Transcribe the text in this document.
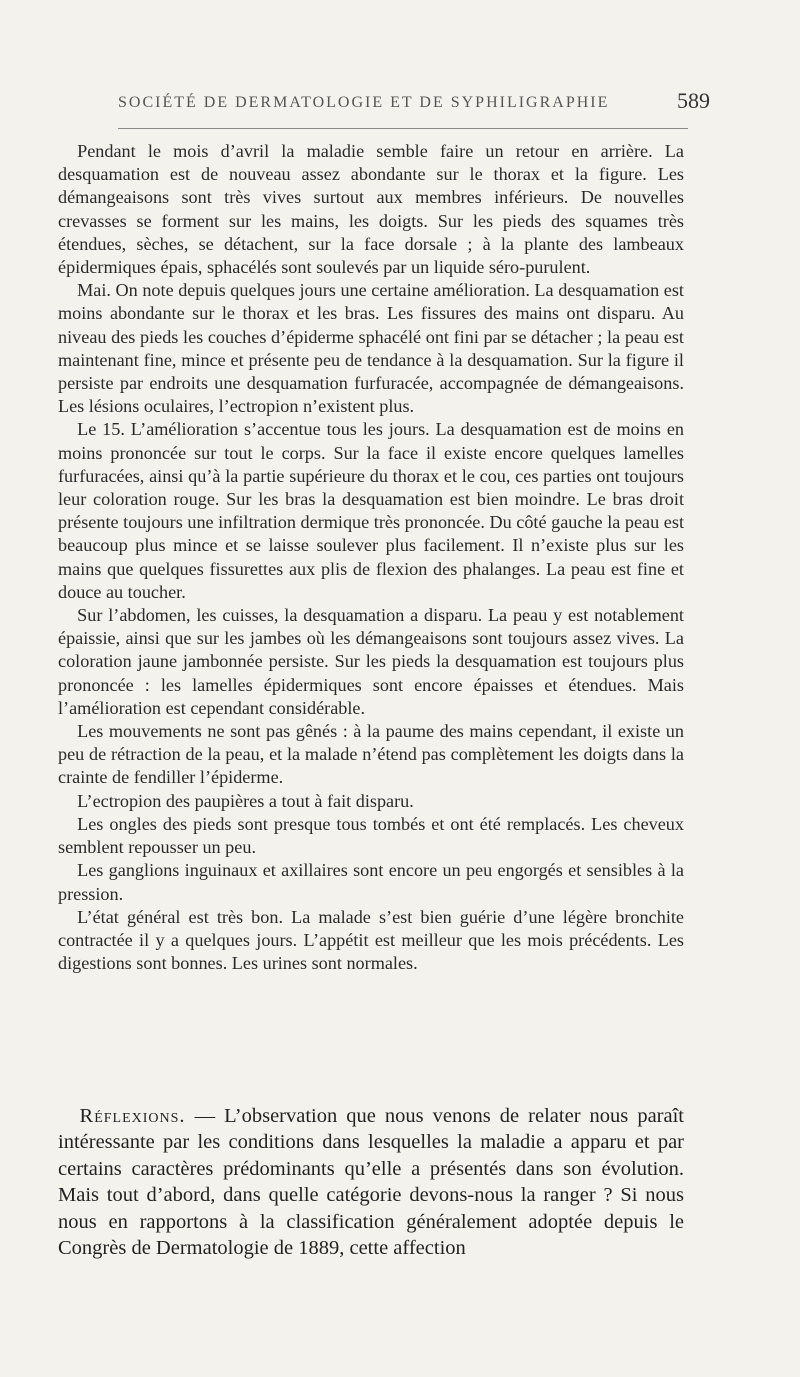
SOCIÉTÉ DE DERMATOLOGIE ET DE SYPHILIGRAPHIE	589

Pendant le mois d’avril la maladie semble faire un retour en arrière. La desquamation est de nouveau assez abondante sur le thorax et la figure. Les démangeaisons sont très vives surtout aux membres inférieurs. De nouvelles crevasses se forment sur les mains, les doigts. Sur les pieds des squames très étendues, sèches, se détachent, sur la face dorsale ; à la plante des lambeaux épidermiques épais, sphacélés sont soulevés par un liquide séro-purulent.

Mai. On note depuis quelques jours une certaine amélioration. La desquamation est moins abondante sur le thorax et les bras. Les fissures des mains ont disparu. Au niveau des pieds les couches d’épiderme sphacélé ont fini par se détacher ; la peau est maintenant fine, mince et présente peu de tendance à la desquamation. Sur la figure il persiste par endroits une desquamation furfuracée, accompagnée de démangeaisons. Les lésions oculaires, l’ectropion n’existent plus.

Le 15. L’amélioration s’accentue tous les jours. La desquamation est de moins en moins prononcée sur tout le corps. Sur la face il existe encore quelques lamelles furfuracées, ainsi qu’à la partie supérieure du thorax et le cou, ces parties ont toujours leur coloration rouge. Sur les bras la desquamation est bien moindre. Le bras droit présente toujours une infiltration dermique très prononcée. Du côté gauche la peau est beaucoup plus mince et se laisse soulever plus facilement. Il n’existe plus sur les mains que quelques fissurettes aux plis de flexion des phalanges. La peau est fine et douce au toucher.

Sur l’abdomen, les cuisses, la desquamation a disparu. La peau y est notablement épaissie, ainsi que sur les jambes où les démangeaisons sont toujours assez vives. La coloration jaune jambonnée persiste. Sur les pieds la desquamation est toujours plus prononcée : les lamelles épidermiques sont encore épaisses et étendues. Mais l’amélioration est cependant considérable.

Les mouvements ne sont pas gênés : à la paume des mains cependant, il existe un peu de rétraction de la peau, et la malade n’étend pas complètement les doigts dans la crainte de fendiller l’épiderme.

L’ectropion des paupières a tout à fait disparu.

Les ongles des pieds sont presque tous tombés et ont été remplacés. Les cheveux semblent repousser un peu.

Les ganglions inguinaux et axillaires sont encore un peu engorgés et sensibles à la pression.

L’état général est très bon. La malade s’est bien guérie d’une légère bronchite contractée il y a quelques jours. L’appétit est meilleur que les mois précédents. Les digestions sont bonnes. Les urines sont normales.

Réflexions. — L’observation que nous venons de relater nous paraît intéressante par les conditions dans lesquelles la maladie a apparu et par certains caractères prédominants qu’elle a présentés dans son évolution. Mais tout d’abord, dans quelle catégorie devons-nous la ranger ? Si nous nous en rapportons à la classification généralement adoptée depuis le Congrès de Dermatologie de 1889, cette affection
